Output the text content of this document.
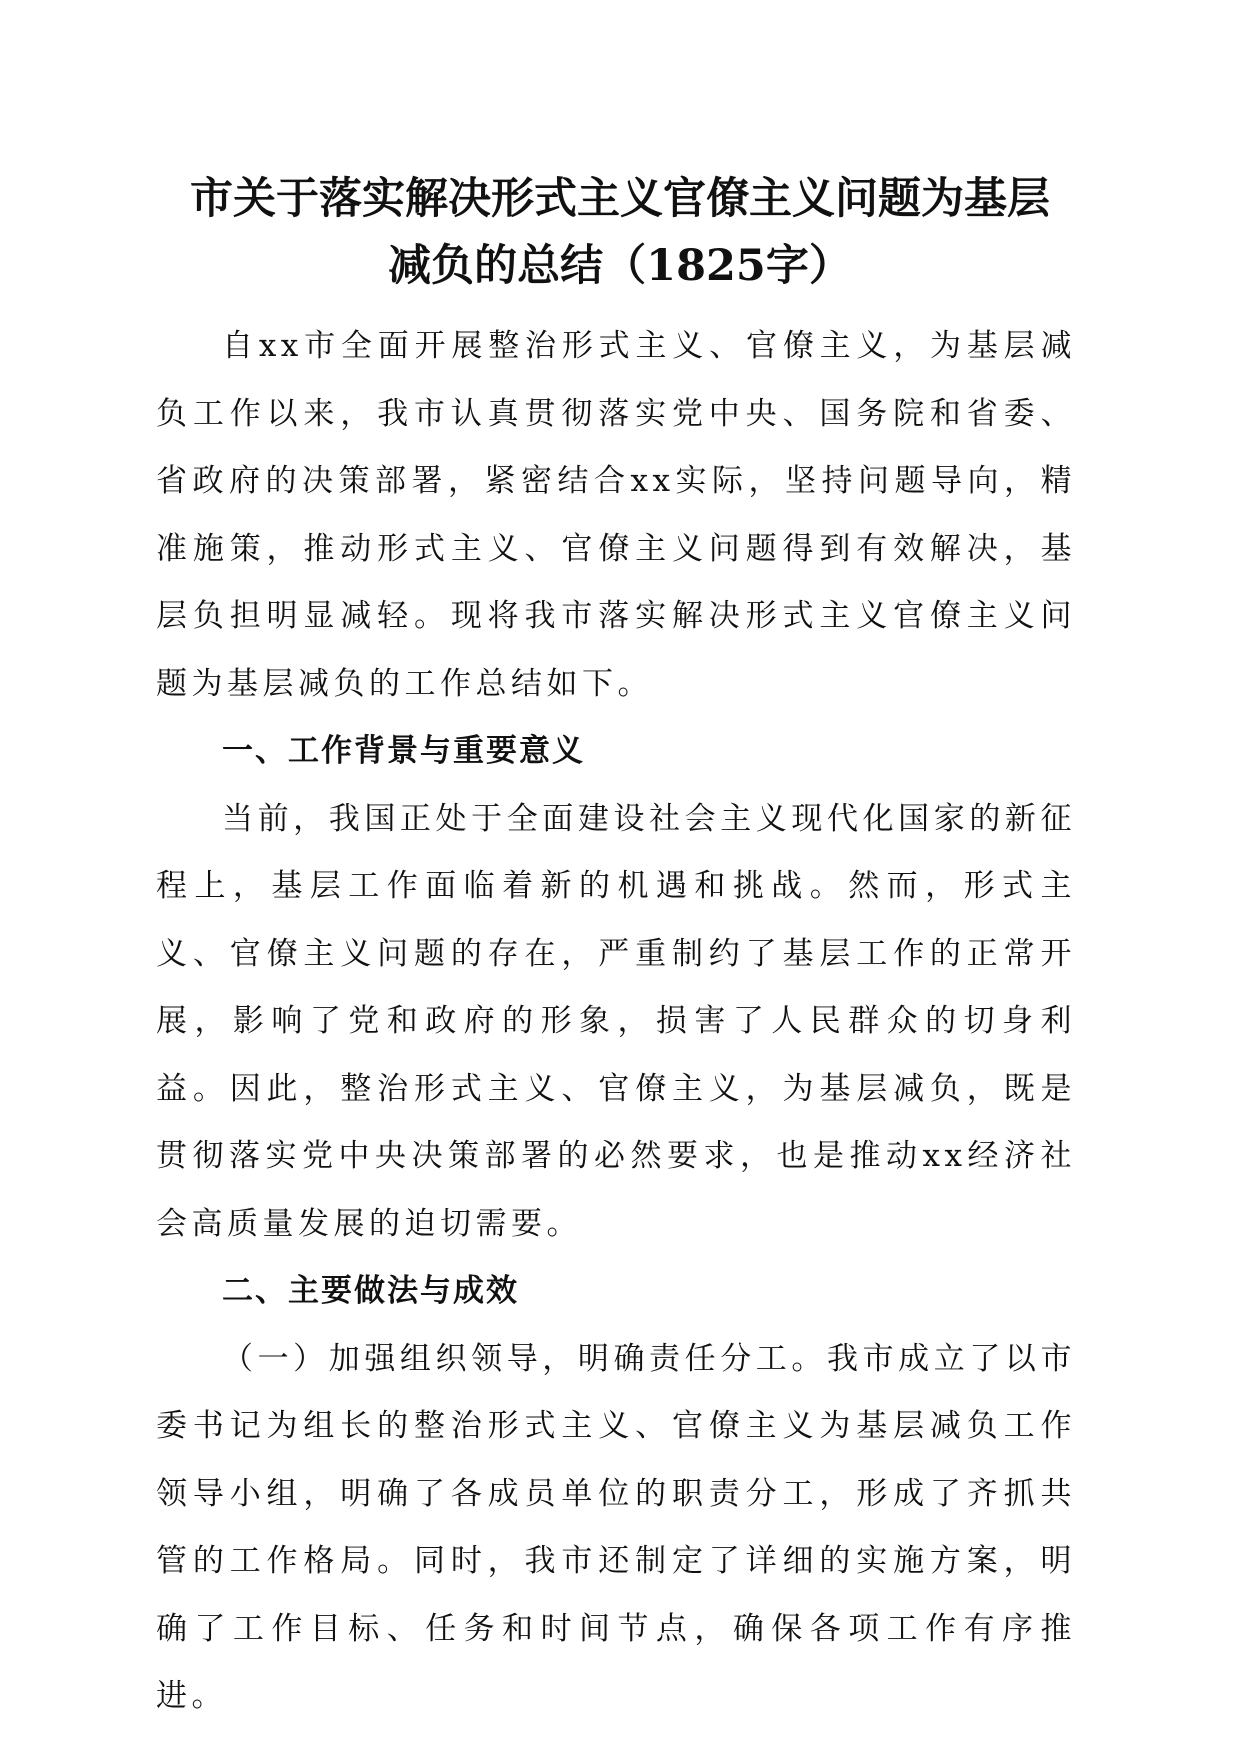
市关于落实解决形式主义官僚主义问题为基层
减负的总结（1825字）

自xx市全面开展整治形式主义、官僚主义，为基层减负工作以来，我市认真贯彻落实党中央、国务院和省委、省政府的决策部署，紧密结合xx实际，坚持问题导向，精准施策，推动形式主义、官僚主义问题得到有效解决，基层负担明显减轻。现将我市落实解决形式主义官僚主义问题为基层减负的工作总结如下。

一、工作背景与重要意义

当前，我国正处于全面建设社会主义现代化国家的新征程上，基层工作面临着新的机遇和挑战。然而，形式主义、官僚主义问题的存在，严重制约了基层工作的正常开展，影响了党和政府的形象，损害了人民群众的切身利益。因此，整治形式主义、官僚主义，为基层减负，既是贯彻落实党中央决策部署的必然要求，也是推动xx经济社会高质量发展的迫切需要。

二、主要做法与成效

（一）加强组织领导，明确责任分工。我市成立了以市委书记为组长的整治形式主义、官僚主义为基层减负工作领导小组，明确了各成员单位的职责分工，形成了齐抓共管的工作格局。同时，我市还制定了详细的实施方案，明确了工作目标、任务和时间节点，确保各项工作有序推进。
